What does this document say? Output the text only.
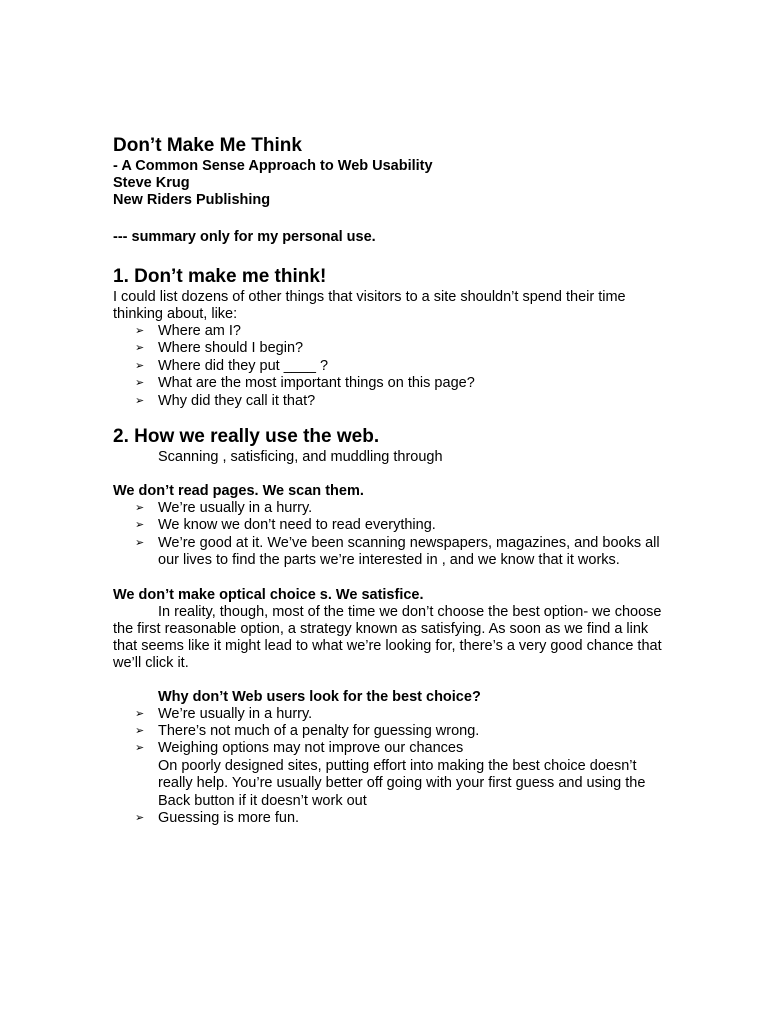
Don’t Make Me Think
- A Common Sense Approach to Web Usability
Steve Krug
New Riders Publishing
--- summary only for my personal use.
1. Don’t make me think!
I could list dozens of other things that visitors to a site shouldn’t spend their time thinking about, like:
➢ Where am I?
➢ Where should I begin?
➢ Where did they put ____ ?
➢ What are the most important things on this page?
➢ Why did they call it that?
2. How we really use the web.
Scanning , satisficing, and muddling through
We don’t read pages. We scan them.
➢ We’re usually in a hurry.
➢ We know we don’t need to read everything.
➢ We’re good at it. We’ve been scanning newspapers, magazines, and books all our lives to find the parts we’re interested in , and we know that it works.
We don’t make optical choice s. We satisfice.
In reality, though, most of the time we don’t choose the best option- we choose the first reasonable option, a strategy known as satisfying. As soon as we find a link that seems like it might lead to what we’re looking for, there’s a very good chance that we’ll click it.
Why don’t Web users look for the best choice?
➢ We’re usually in a hurry.
➢ There’s not much of a penalty for guessing wrong.
➢ Weighing options may not improve our chances
On poorly designed sites, putting effort into making the best choice doesn’t really help. You’re usually better off going with your first guess and using the Back button if it doesn’t work out
➢ Guessing is more fun.
